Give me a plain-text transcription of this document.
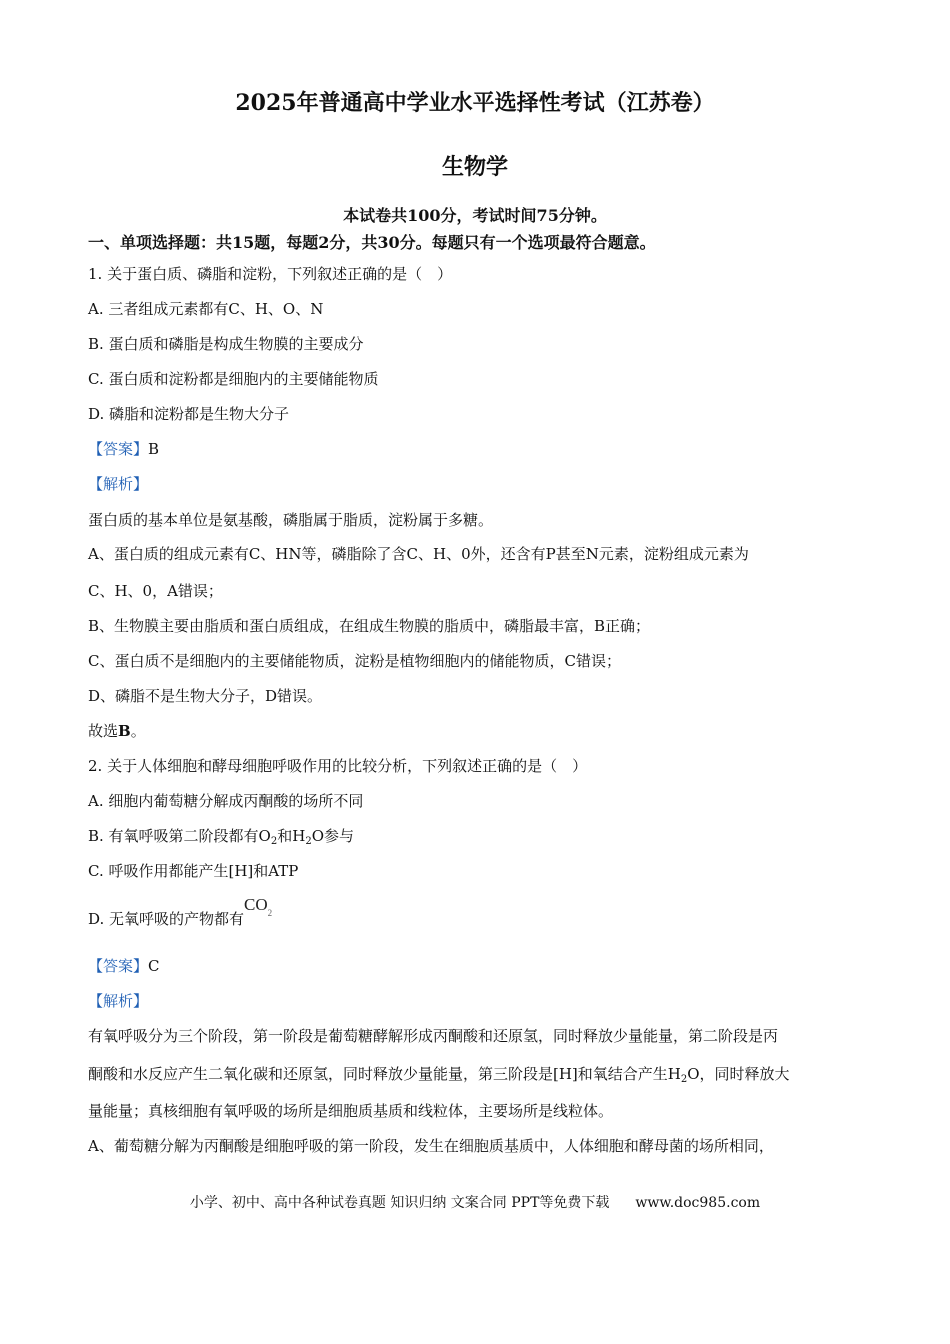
2025年普通高中学业水平选择性考试（江苏卷）
生物学
本试卷共100分，考试时间75分钟。
一、单项选择题：共15题，每题2分，共30分。每题只有一个选项最符合题意。
1. 关于蛋白质、磷脂和淀粉，下列叙述正确的是（　）
A. 三者组成元素都有C、H、O、N
B. 蛋白质和磷脂是构成生物膜的主要成分
C. 蛋白质和淀粉都是细胞内的主要储能物质
D. 磷脂和淀粉都是生物大分子
【答案】B
【解析】
蛋白质的基本单位是氨基酸，磷脂属于脂质，淀粉属于多糖。
A、蛋白质的组成元素有C、HN等，磷脂除了含C、H、0外，还含有P甚至N元素，淀粉组成元素为
C、H、0，A错误；
B、生物膜主要由脂质和蛋白质组成，在组成生物膜的脂质中，磷脂最丰富，B正确；
C、蛋白质不是细胞内的主要储能物质，淀粉是植物细胞内的储能物质，C错误；
D、磷脂不是生物大分子，D错误。
故选B。
2. 关于人体细胞和酵母细胞呼吸作用的比较分析，下列叙述正确的是（　）
A. 细胞内葡萄糖分解成丙酮酸的场所不同
B. 有氧呼吸第二阶段都有$O_2$和$H_2O$参与
C. 呼吸作用都能产生[H]和ATP
D. 无氧呼吸的产物都有$CO_2$
【答案】C
【解析】
有氧呼吸分为三个阶段，第一阶段是葡萄糖酵解形成丙酮酸和还原氢，同时释放少量能量，第二阶段是丙
酮酸和水反应产生二氧化碳和还原氢，同时释放少量能量，第三阶段是[H]和氧结合产生$H_2O$，同时释放大
量能量；真核细胞有氧呼吸的场所是细胞质基质和线粒体，主要场所是线粒体。
A、葡萄糖分解为丙酮酸是细胞呼吸的第一阶段，发生在细胞质基质中，人体细胞和酵母菌的场所相同，
小学、初中、高中各种试卷真题 知识归纳 文案合同 PPT等免费下载 www.doc985.com
